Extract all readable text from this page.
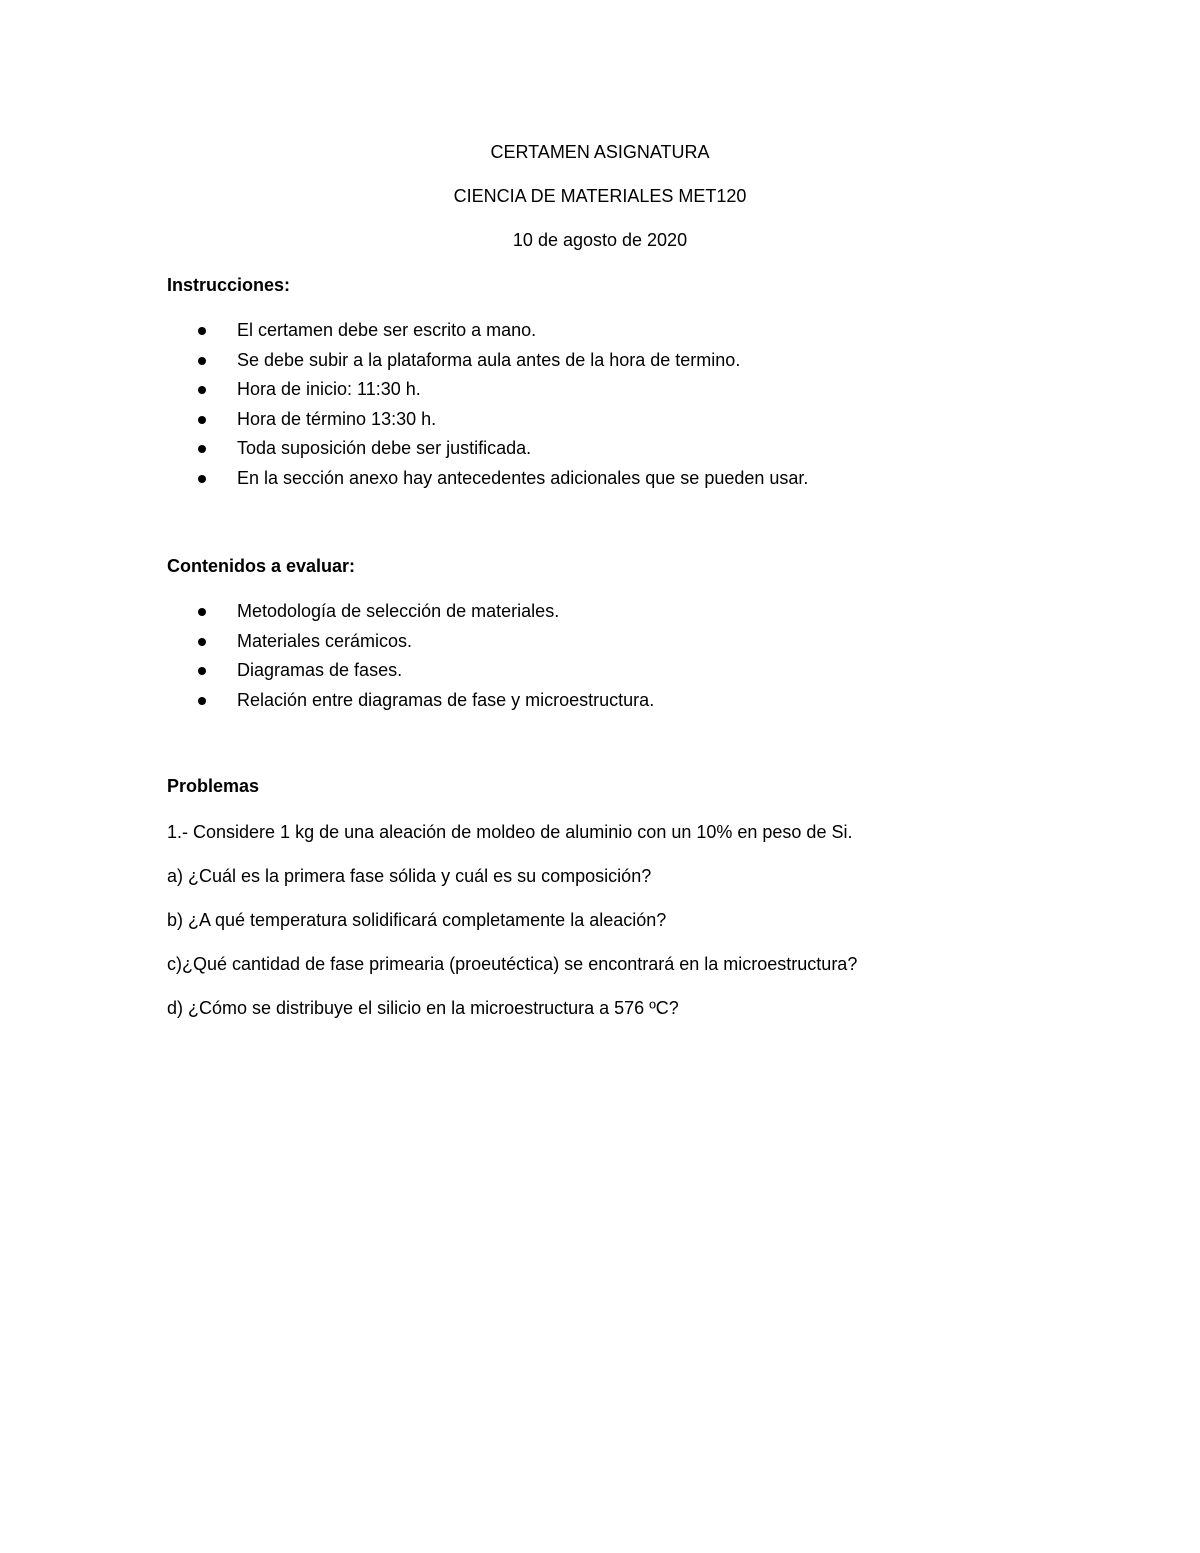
CERTAMEN ASIGNATURA
CIENCIA DE MATERIALES MET120
10 de agosto de 2020
Instrucciones:
El certamen debe ser escrito a mano.
Se debe subir a la plataforma aula antes de la hora de termino.
Hora de inicio: 11:30 h.
Hora de término 13:30 h.
Toda suposición debe ser justificada.
En la sección anexo hay antecedentes adicionales que se pueden usar.
Contenidos a evaluar:
Metodología de selección de materiales.
Materiales cerámicos.
Diagramas de fases.
Relación entre diagramas de fase y microestructura.
Problemas
1.- Considere 1 kg de una aleación de moldeo de aluminio con un 10% en peso de Si.
a) ¿Cuál es la primera fase sólida y cuál es su composición?
b) ¿A qué temperatura solidificará completamente la aleación?
c)¿Qué cantidad de fase primearia (proeutéctica) se encontrará en la microestructura?
d) ¿Cómo se distribuye el silicio en la microestructura a 576 ºC?
